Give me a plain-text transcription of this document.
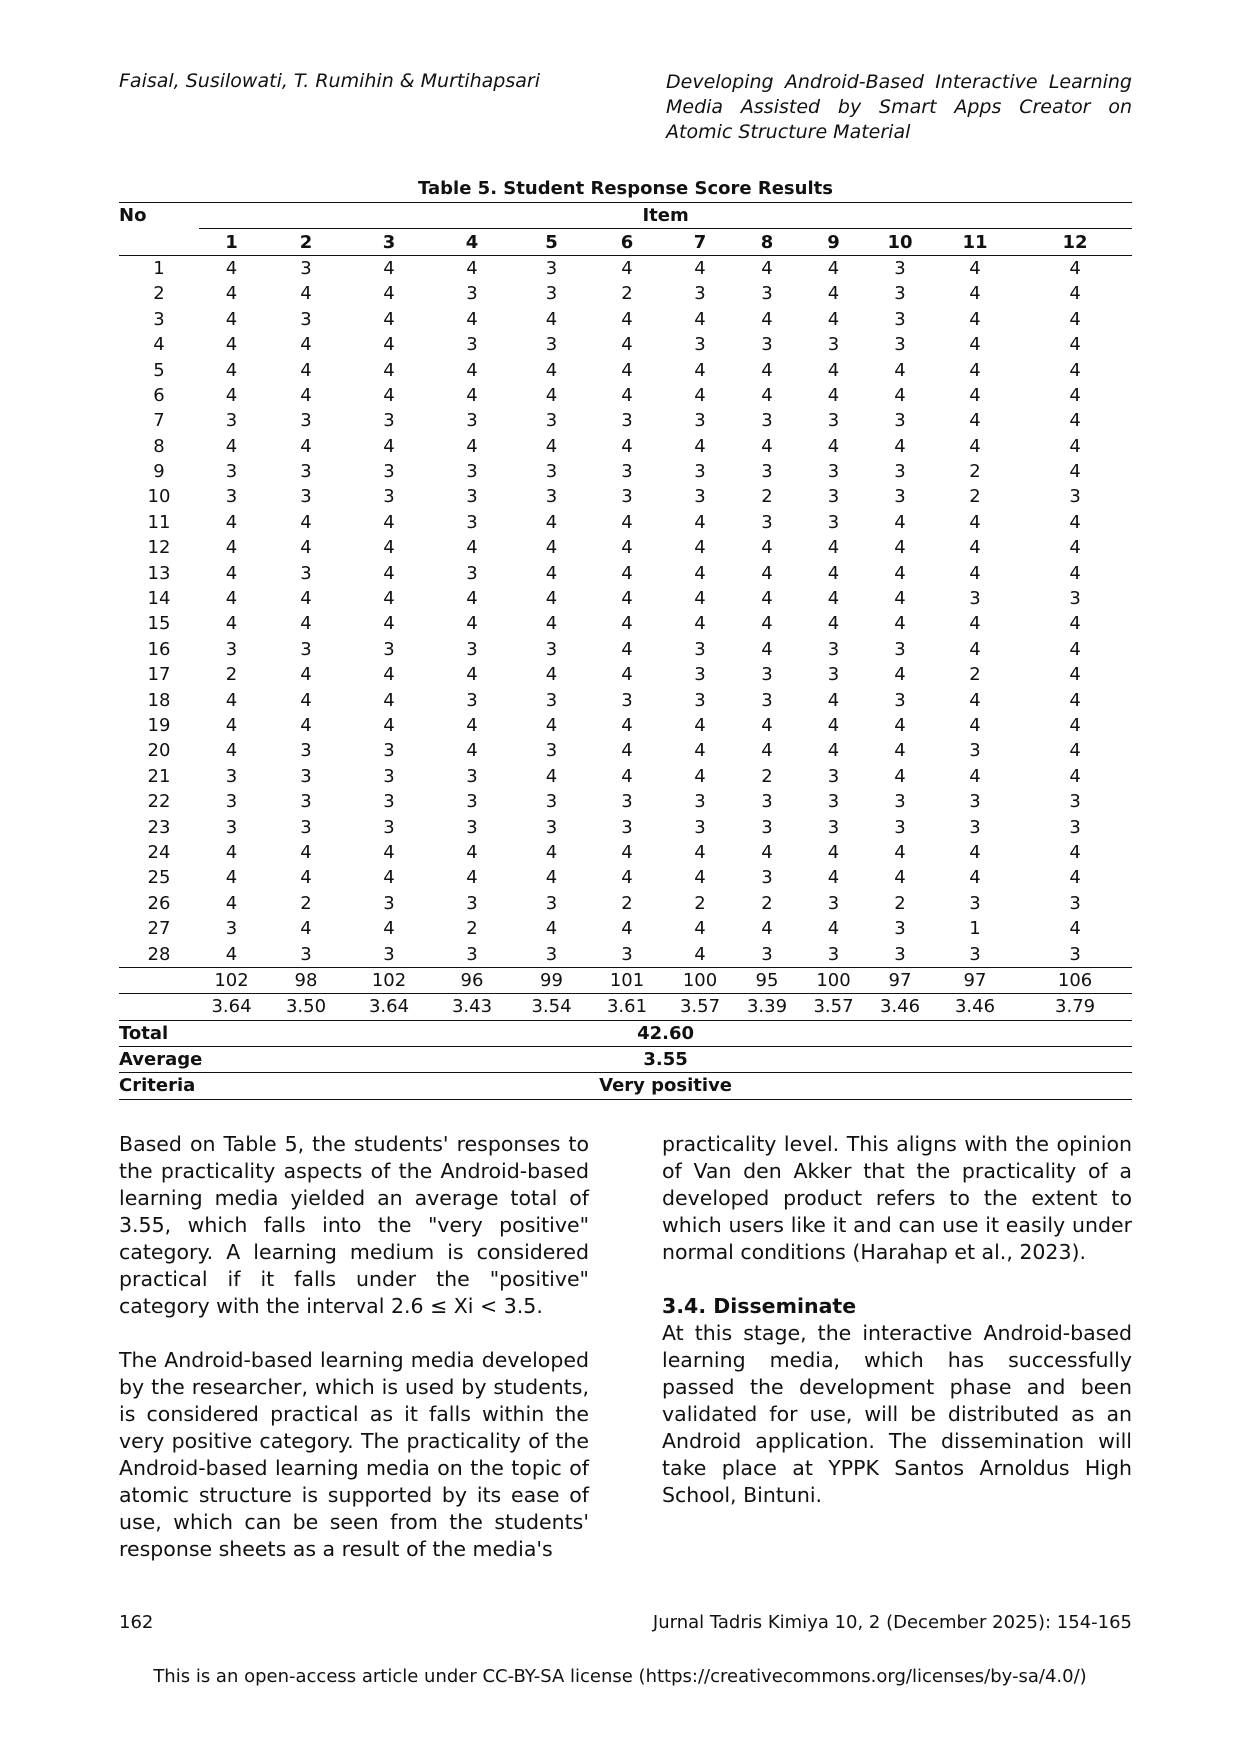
Faisal, Susilowati, T. Rumihin & Murtihapsari	Developing Android-Based Interactive Learning Media Assisted by Smart Apps Creator on Atomic Structure Material
Table 5. Student Response Score Results
No	Item											
	1	2	3	4	5	6	7	8	9	10	11	12
1	4	3	4	4	3	4	4	4	4	3	4	4
2	4	4	4	3	3	2	3	3	4	3	4	4
3	4	3	4	4	4	4	4	4	4	3	4	4
4	4	4	4	3	3	4	3	3	3	3	4	4
5	4	4	4	4	4	4	4	4	4	4	4	4
6	4	4	4	4	4	4	4	4	4	4	4	4
7	3	3	3	3	3	3	3	3	3	3	4	4
8	4	4	4	4	4	4	4	4	4	4	4	4
9	3	3	3	3	3	3	3	3	3	3	2	4
10	3	3	3	3	3	3	3	2	3	3	2	3
11	4	4	4	3	4	4	4	3	3	4	4	4
12	4	4	4	4	4	4	4	4	4	4	4	4
13	4	3	4	3	4	4	4	4	4	4	4	4
14	4	4	4	4	4	4	4	4	4	4	3	3
15	4	4	4	4	4	4	4	4	4	4	4	4
16	3	3	3	3	3	4	3	4	3	3	4	4
17	2	4	4	4	4	4	3	3	3	4	2	4
18	4	4	4	3	3	3	3	3	4	3	4	4
19	4	4	4	4	4	4	4	4	4	4	4	4
20	4	3	3	4	3	4	4	4	4	4	3	4
21	3	3	3	3	4	4	4	2	3	4	4	4
22	3	3	3	3	3	3	3	3	3	3	3	3
23	3	3	3	3	3	3	3	3	3	3	3	3
24	4	4	4	4	4	4	4	4	4	4	4	4
25	4	4	4	4	4	4	4	3	4	4	4	4
26	4	2	3	3	3	2	2	2	3	2	3	3
27	3	4	4	2	4	4	4	4	4	3	1	4
28	4	3	3	3	3	3	4	3	3	3	3	3
	102	98	102	96	99	101	100	95	100	97	97	106
	3.64	3.50	3.64	3.43	3.54	3.61	3.57	3.39	3.57	3.46	3.46	3.79
Total	42.60											
Average	3.55											
Criteria	Very positive											

Based on Table 5, the students' responses to the practicality aspects of the Android-based learning media yielded an average total of 3.55, which falls into the "very positive" category. A learning medium is considered practical if it falls under the "positive" category with the interval 2.6 ≤ Xi < 3.5.

The Android-based learning media developed by the researcher, which is used by students, is considered practical as it falls within the very positive category. The practicality of the Android-based learning media on the topic of atomic structure is supported by its ease of use, which can be seen from the students' response sheets as a result of the media's

practicality level. This aligns with the opinion of Van den Akker that the practicality of a developed product refers to the extent to which users like it and can use it easily under normal conditions (Harahap et al., 2023).

3.4. Disseminate

At this stage, the interactive Android-based learning media, which has successfully passed the development phase and been validated for use, will be distributed as an Android application. The dissemination will take place at YPPK Santos Arnoldus High School, Bintuni.

162	Jurnal Tadris Kimiya 10, 2 (December 2025): 154-165
This is an open-access article under CC-BY-SA license (https://creativecommons.org/licenses/by-sa/4.0/)
